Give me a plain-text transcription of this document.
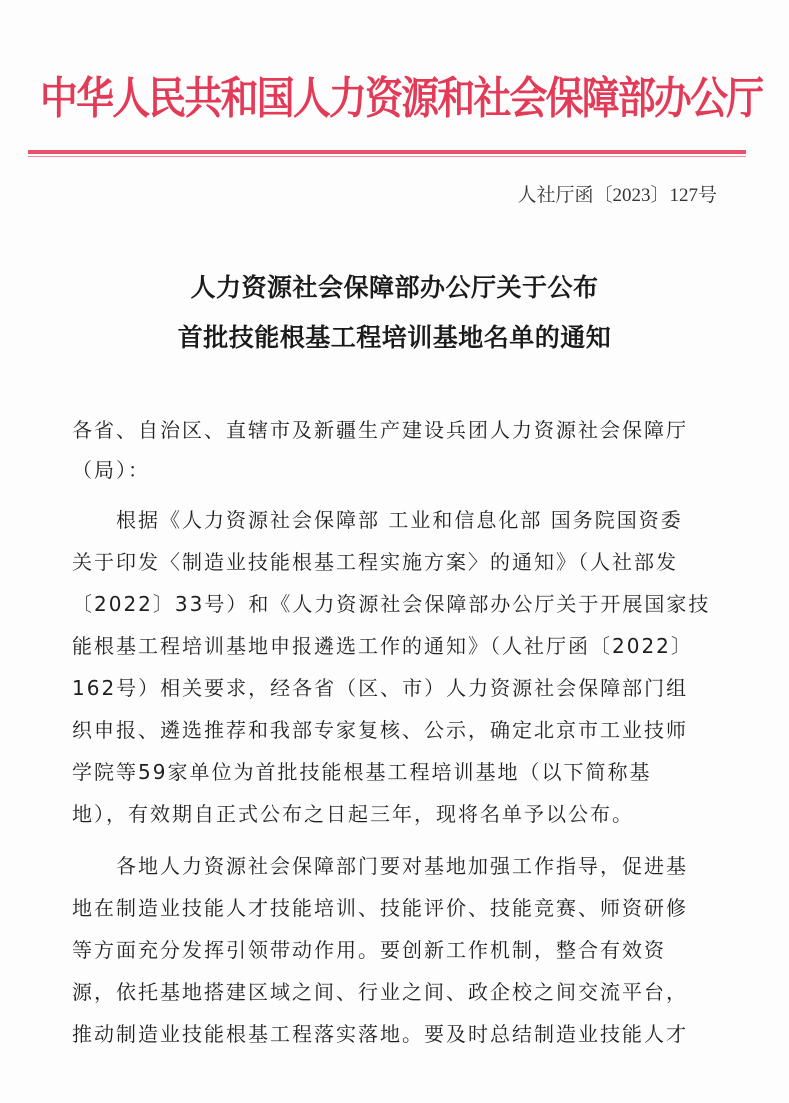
中华人民共和国人力资源和社会保障部办公厅
人社厅函〔2023〕127号
人力资源社会保障部办公厅关于公布
首批技能根基工程培训基地名单的通知
各省、自治区、直辖市及新疆生产建设兵团人力资源社会保障厅
（局）：
　　根据《人力资源社会保障部 工业和信息化部 国务院国资委
关于印发〈制造业技能根基工程实施方案〉的通知》（人社部发
〔2022〕33号）和《人力资源社会保障部办公厅关于开展国家技
能根基工程培训基地申报遴选工作的通知》（人社厅函〔2022〕
162号）相关要求，经各省（区、市）人力资源社会保障部门组
织申报、遴选推荐和我部专家复核、公示，确定北京市工业技师
学院等59家单位为首批技能根基工程培训基地（以下简称基
地），有效期自正式公布之日起三年，现将名单予以公布。
　　各地人力资源社会保障部门要对基地加强工作指导，促进基
地在制造业技能人才技能培训、技能评价、技能竞赛、师资研修
等方面充分发挥引领带动作用。要创新工作机制，整合有效资
源，依托基地搭建区域之间、行业之间、政企校之间交流平台，
推动制造业技能根基工程落实落地。要及时总结制造业技能人才
